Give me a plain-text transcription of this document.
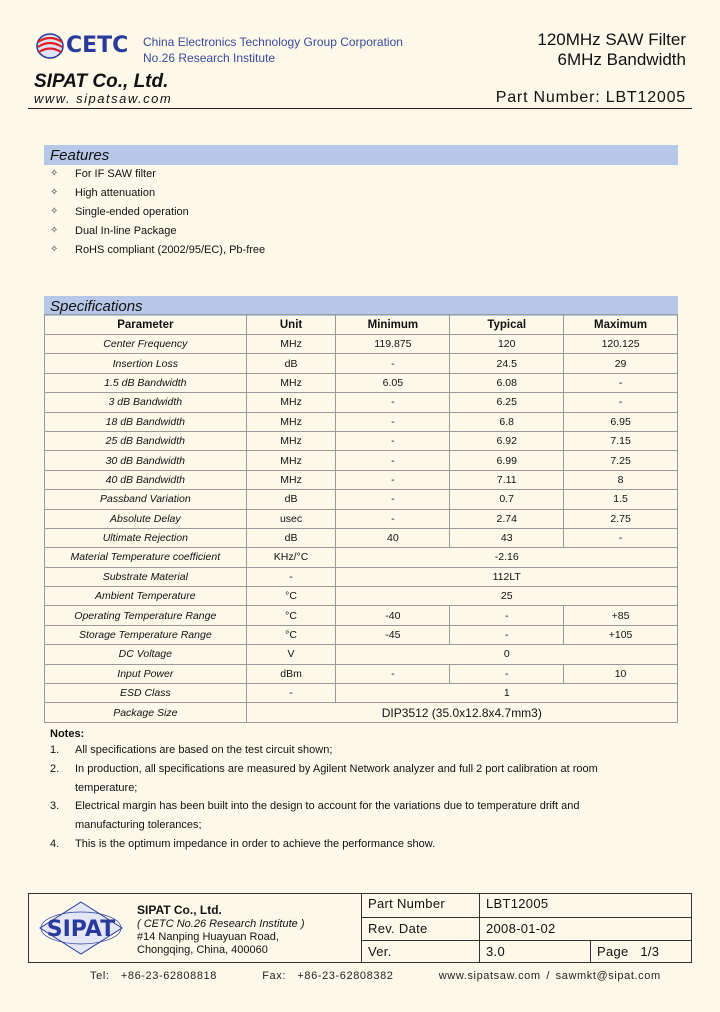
CETC China Electronics Technology Group Corporation
No.26 Research Institute
SIPAT Co., Ltd.
www. sipatsaw.com
120MHz SAW Filter
6MHz Bandwidth
Part Number: LBT12005
Features
✧	For IF SAW filter
✧	High attenuation
✧	Single-ended operation
✧	Dual In-line Package
✧	RoHS compliant (2002/95/EC), Pb-free
Specifications
Parameter	Unit	Minimum	Typical	Maximum
Center Frequency	MHz	119.875	120	120.125
Insertion Loss	dB	-	24.5	29
1.5 dB Bandwidth	MHz	6.05	6.08	-
3 dB Bandwidth	MHz	-	6.25	-
18 dB Bandwidth	MHz	-	6.8	6.95
25 dB Bandwidth	MHz	-	6.92	7.15
30 dB Bandwidth	MHz	-	6.99	7.25
40 dB Bandwidth	MHz	-	7.11	8
Passband Variation	dB	-	0.7	1.5
Absolute Delay	usec	-	2.74	2.75
Ultimate Rejection	dB	40	43	-
Material Temperature coefficient	KHz/°C	-2.16		
Substrate Material	-	112LT		
Ambient Temperature	°C	25		
Operating Temperature Range	°C	-40	-	+85
Storage Temperature Range	°C	-45	-	+105
DC Voltage	V	0		
Input Power	dBm	-	-	10
ESD Class	-	1		
Package Size	DIP3512 (35.0x12.8x4.7mm3)			
Notes:
1. All specifications are based on the test circuit shown;
2. In production, all specifications are measured by Agilent Network analyzer and full 2 port calibration at room temperature;
3. Electrical margin has been built into the design to account for the variations due to temperature drift and manufacturing tolerances;
4. This is the optimum impedance in order to achieve the performance show.
SIPAT
SIPAT Co., Ltd.
( CETC No.26 Research Institute )
#14 Nanping Huayuan Road,
Chongqing, China, 400060
Part Number	LBT12005
Rev. Date	2008-01-02
Ver.	3.0	Page 1/3
Tel:  +86-23-62808818        Fax:  +86-23-62808382        www.sipatsaw.com / sawmkt@sipat.com
